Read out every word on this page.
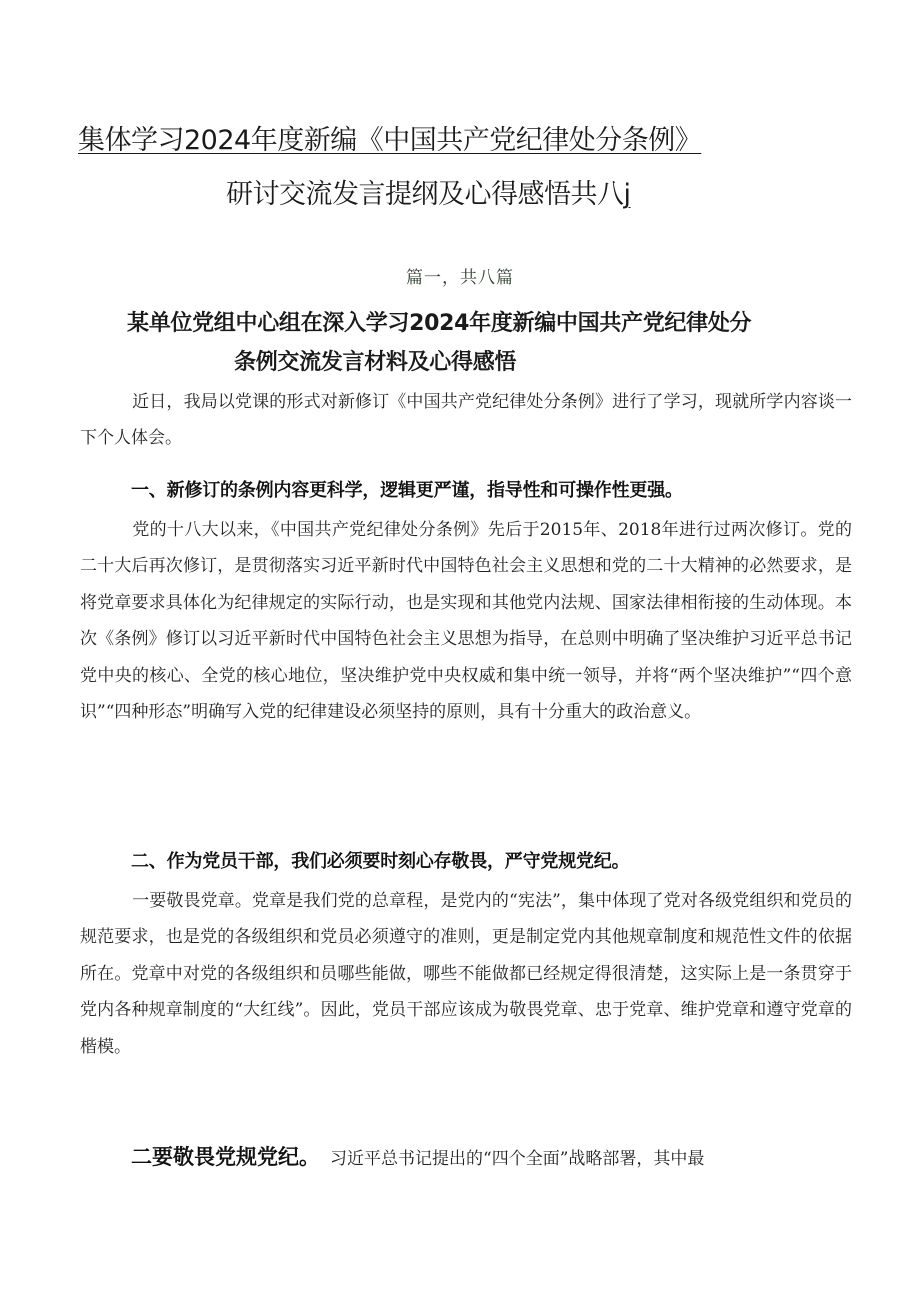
集体学习2024年度新编《中国共产党纪律处分条例》
研讨交流发言提纲及心得感悟共八j
篇一，共八篇
某单位党组中心组在深入学习2024年度新编中国共产党纪律处分
条例交流发言材料及心得感悟
近日，我局以党课的形式对新修订《中国共产党纪律处分条例》进行了学习，现就所学内容谈一下个人体会。
一、新修订的条例内容更科学，逻辑更严谨，指导性和可操作性更强。
党的十八大以来，《中国共产党纪律处分条例》先后于2015年、2018年进行过两次修订。党的二十大后再次修订，是贯彻落实习近平新时代中国特色社会主义思想和党的二十大精神的必然要求，是将党章要求具体化为纪律规定的实际行动，也是实现和其他党内法规、国家法律相衔接的生动体现。本次《条例》修订以习近平新时代中国特色社会主义思想为指导，在总则中明确了坚决维护习近平总书记党中央的核心、全党的核心地位，坚决维护党中央权威和集中统一领导，并将“两个坚决维护”“四个意识”“四种形态”明确写入党的纪律建设必须坚持的原则，具有十分重大的政治意义。
二、作为党员干部，我们必须要时刻心存敬畏，严守党规党纪。
一要敬畏党章。党章是我们党的总章程，是党内的“宪法”，集中体现了党对各级党组织和党员的规范要求，也是党的各级组织和党员必须遵守的准则，更是制定党内其他规章制度和规范性文件的依据所在。党章中对党的各级组织和员哪些能做，哪些不能做都已经规定得很清楚，这实际上是一条贯穿于党内各种规章制度的“大红线”。因此，党员干部应该成为敬畏党章、忠于党章、维护党章和遵守党章的楷模。
二要敬畏党规党纪。 习近平总书记提出的“四个全面”战略部署，其中最
